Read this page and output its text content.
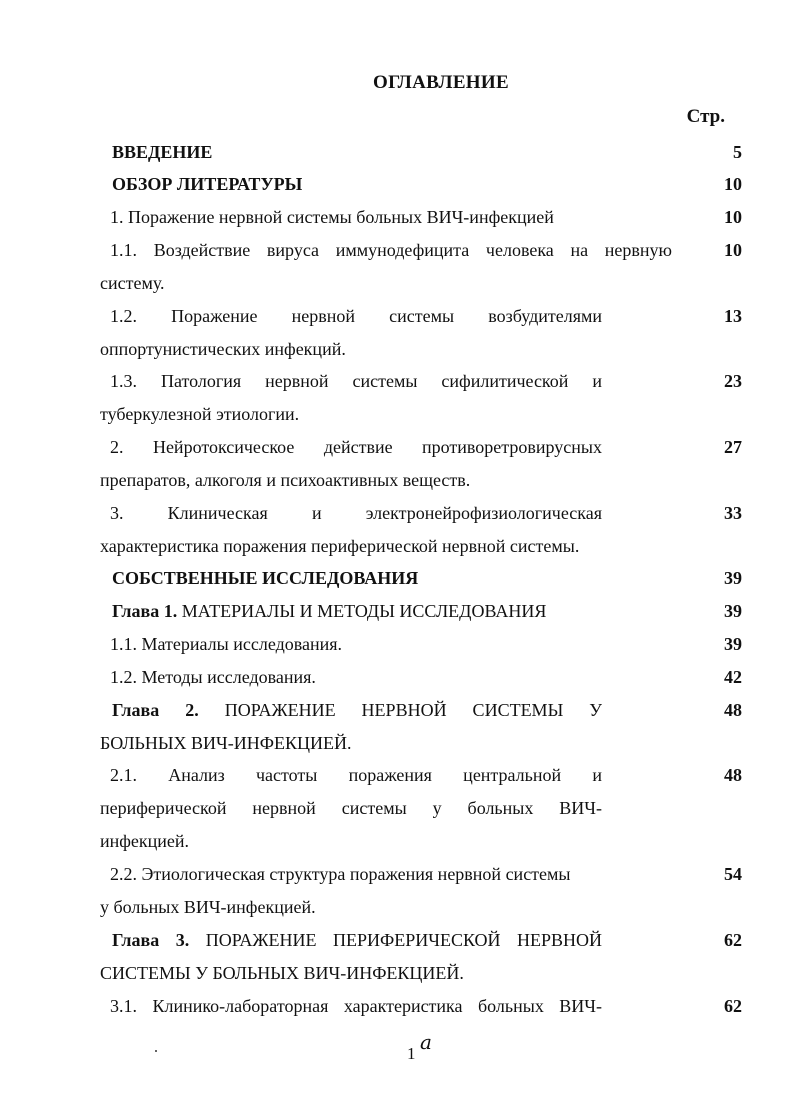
ОГЛАВЛЕНИЕ
Стр.
ВВЕДЕНИЕ	5
ОБЗОР ЛИТЕРАТУРЫ	10
1. Поражение нервной системы больных ВИЧ-инфекцией	10
1.1. Воздействие вируса иммунодефицита человека на нервную	10
систему.
1.2. Поражение нервной системы возбудителями	13
оппортунистических инфекций.
1.3. Патология нервной системы сифилитической и	23
туберкулезной этиологии.
2. Нейротоксическое действие противоретровирусных	27
препаратов, алкоголя и психоактивных веществ.
3. Клиническая и электронейрофизиологическая	33
характеристика поражения периферической нервной системы.
СОБСТВЕННЫЕ ИССЛЕДОВАНИЯ	39
Глава 1. МАТЕРИАЛЫ И МЕТОДЫ ИССЛЕДОВАНИЯ	39
1.1. Материалы исследования.	39
1.2. Методы исследования.	42
Глава 2. ПОРАЖЕНИЕ НЕРВНОЙ СИСТЕМЫ У	48
БОЛЬНЫХ ВИЧ-ИНФЕКЦИЕЙ.
2.1. Анализ частоты поражения центральной и	48
периферической нервной системы у больных ВИЧ-
инфекцией.
2.2. Этиологическая структура поражения нервной системы	54
у больных ВИЧ-инфекцией.
Глава 3. ПОРАЖЕНИЕ ПЕРИФЕРИЧЕСКОЙ НЕРВНОЙ	62
СИСТЕМЫ У БОЛЬНЫХ ВИЧ-ИНФЕКЦИЕЙ.
3.1. Клинико-лабораторная характеристика больных ВИЧ-	62
1 а
